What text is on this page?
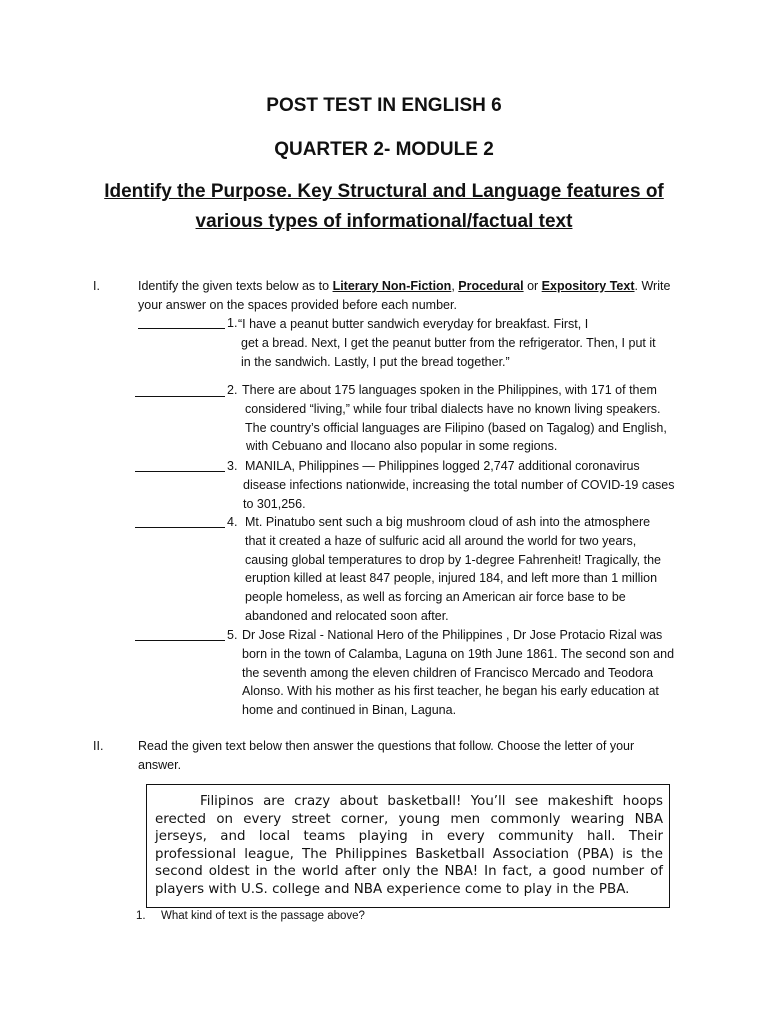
POST TEST IN ENGLISH 6
QUARTER 2- MODULE 2
Identify the Purpose. Key Structural and Language features of
various types of informational/factual text
I.	Identify the given texts below as to Literary Non-Fiction, Procedural or Expository Text. Write
your answer on the spaces provided before each number.
1. “I have a peanut butter sandwich everyday for breakfast. First, I
get a bread. Next, I get the peanut butter from the refrigerator. Then, I put it
in the sandwich. Lastly, I put the bread together.”
2. There are about 175 languages spoken in the Philippines, with 171 of them
considered “living,” while four tribal dialects have no known living speakers.
The country’s official languages are Filipino (based on Tagalog) and English,
with Cebuano and Ilocano also popular in some regions.
3. MANILA, Philippines — Philippines logged 2,747 additional coronavirus
disease infections nationwide, increasing the total number of COVID-19 cases
to 301,256.
4. Mt. Pinatubo sent such a big mushroom cloud of ash into the atmosphere
that it created a haze of sulfuric acid all around the world for two years,
causing global temperatures to drop by 1-degree Fahrenheit! Tragically, the
eruption killed at least 847 people, injured 184, and left more than 1 million
people homeless, as well as forcing an American air force base to be
abandoned and relocated soon after.
5. Dr Jose Rizal - National Hero of the Philippines , Dr Jose Protacio Rizal was
born in the town of Calamba, Laguna on 19th June 1861. The second son and
the seventh among the eleven children of Francisco Mercado and Teodora
Alonso. With his mother as his first teacher, he began his early education at
home and continued in Binan, Laguna.
II.	Read the given text below then answer the questions that follow. Choose the letter of your
answer.
Filipinos are crazy about basketball! You’ll see makeshift hoops
erected on every street corner, young men commonly wearing NBA
jerseys, and local teams playing in every community hall. Their
professional league, The Philippines Basketball Association (PBA) is the
second oldest in the world after only the NBA! In fact, a good number of
players with U.S. college and NBA experience come to play in the PBA.
1. What kind of text is the passage above?
